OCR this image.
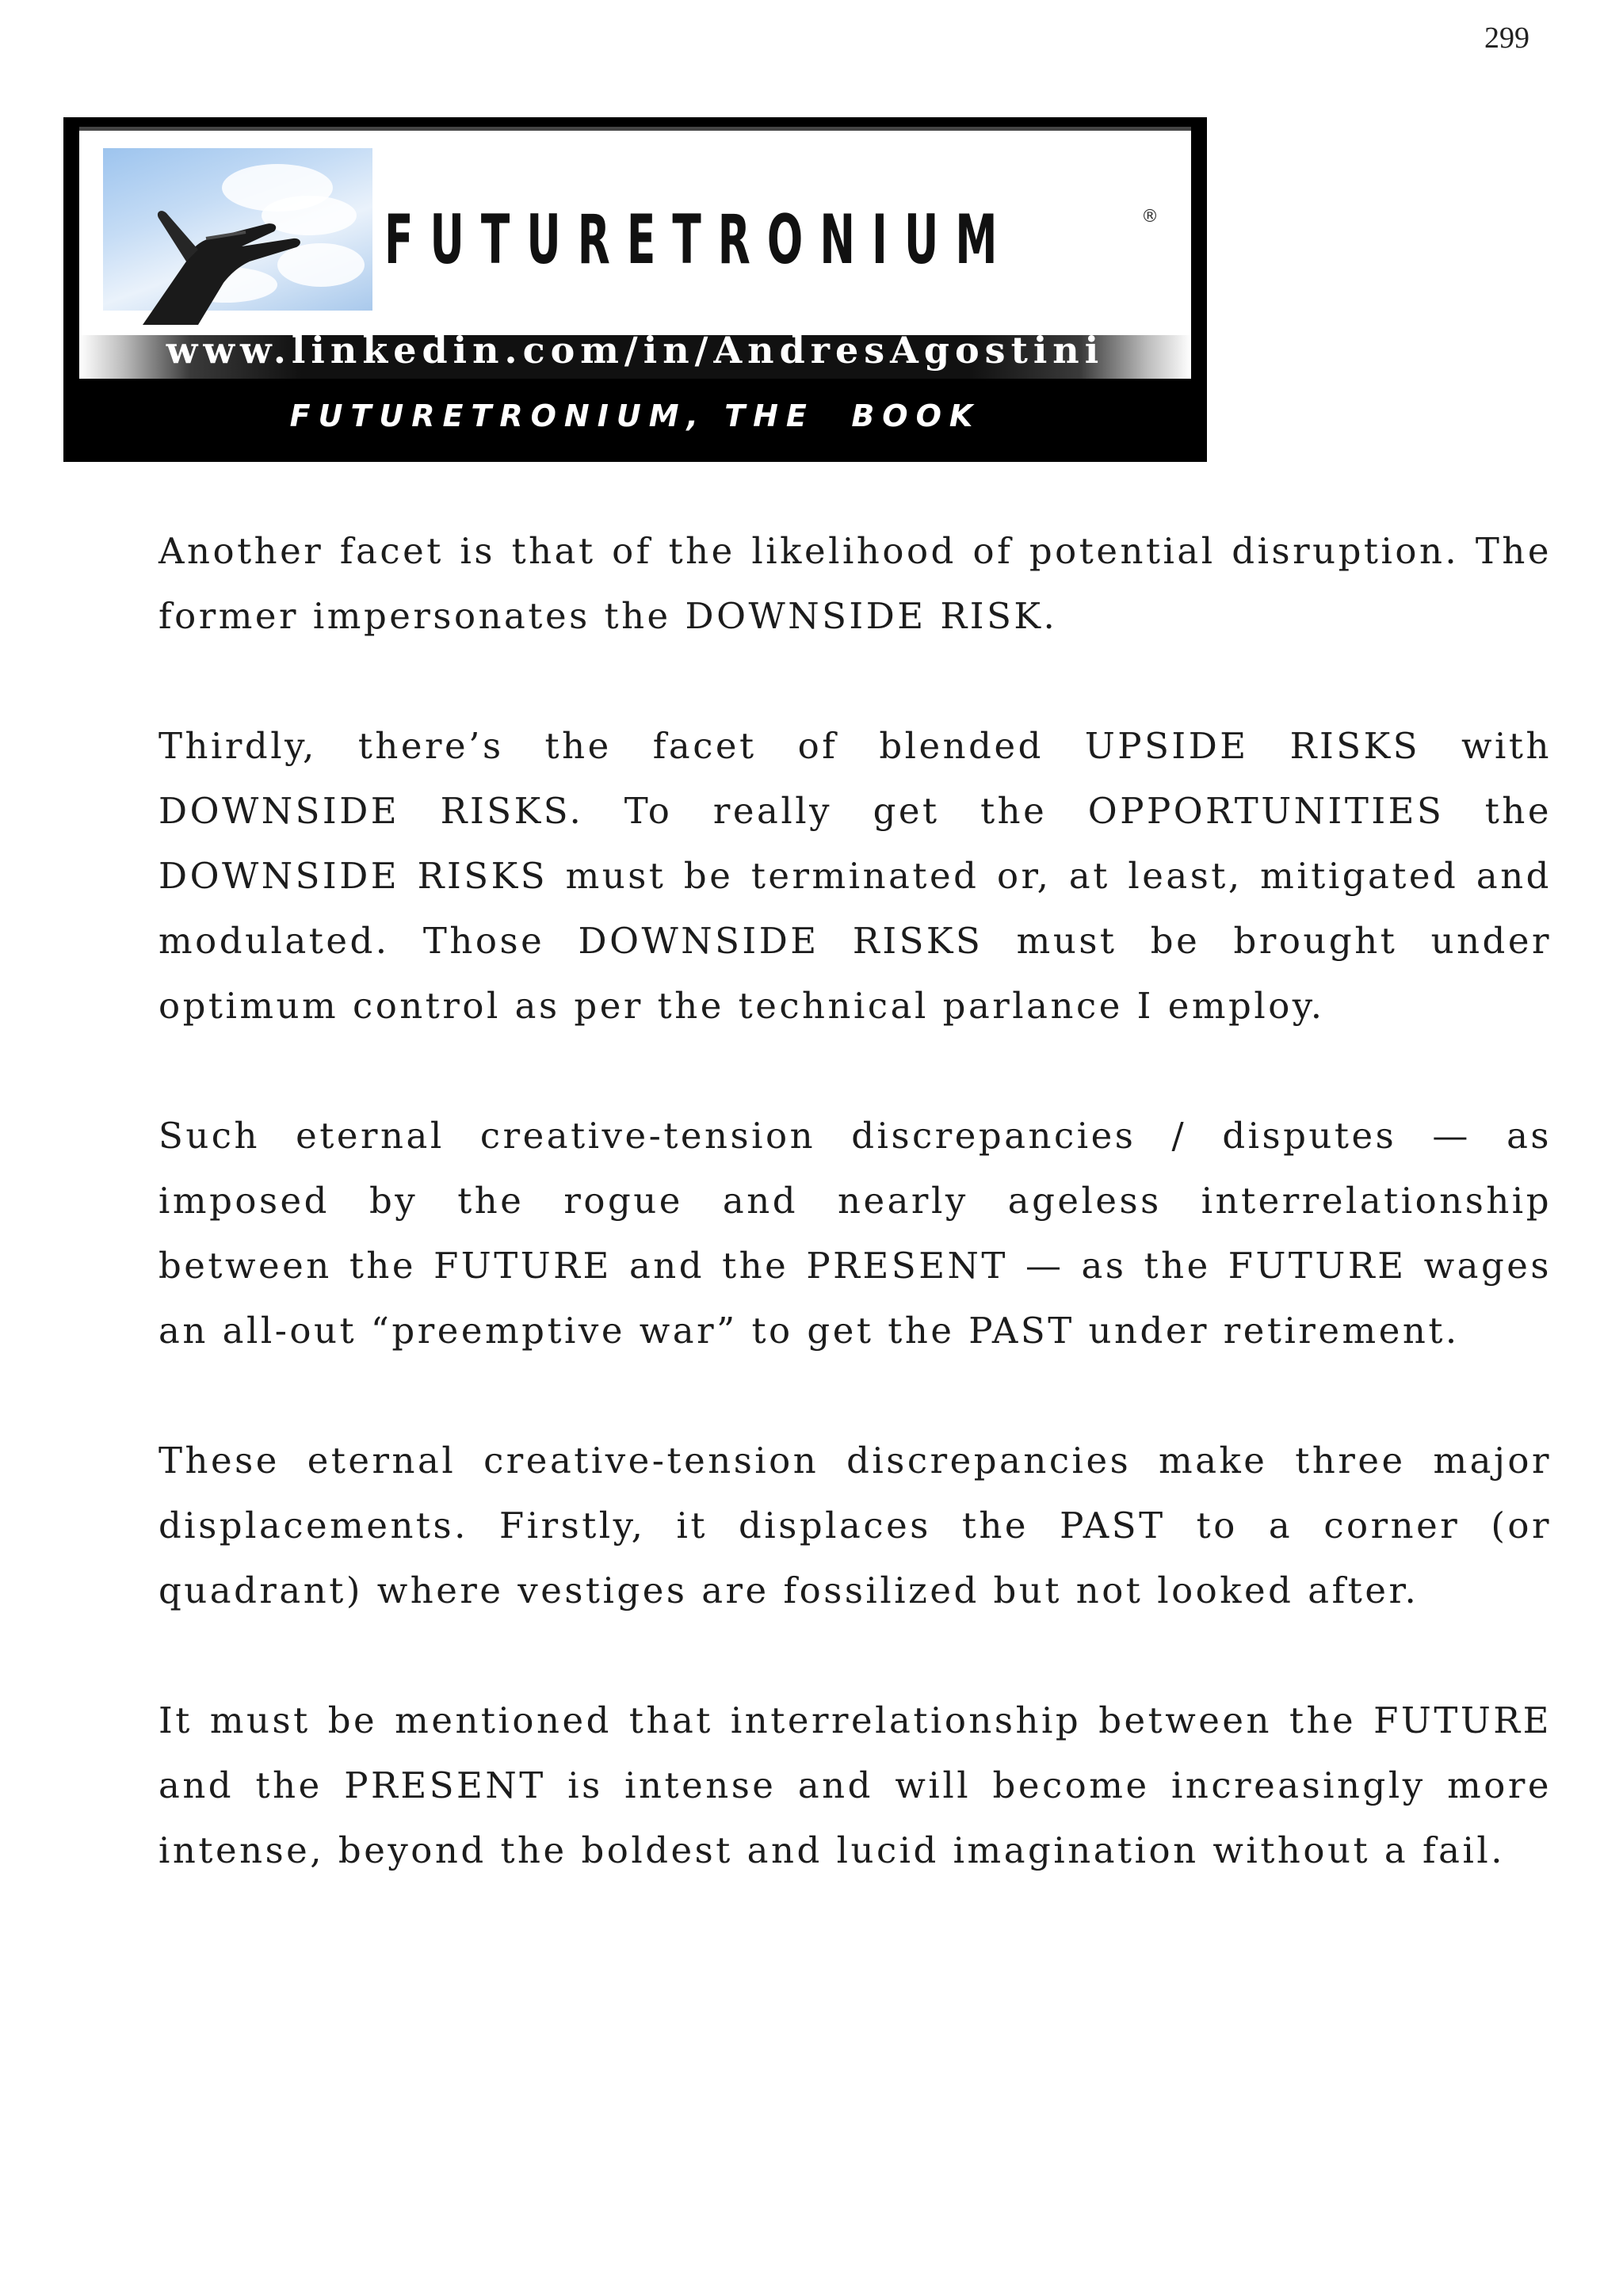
299
FUTURETRONIUM	®
www.linkedin.com/in/AndresAgostini
FUTURETRONIUM, THE  BOOK

Another facet is that of the likelihood of potential disruption. The former impersonates the DOWNSIDE RISK.

Thirdly, there’s the facet of blended UPSIDE RISKS with DOWNSIDE RISKS. To really get the OPPORTUNITIES the DOWNSIDE RISKS must be terminated or, at least, mitigated and modulated. Those DOWNSIDE RISKS must be brought under optimum control as per the technical parlance I employ.

Such eternal creative-tension discrepancies / disputes — as imposed by the rogue and nearly ageless interrelationship between the FUTURE and the PRESENT — as the FUTURE wages an all-out “preemptive war” to get the PAST under retirement.

These eternal creative-tension discrepancies make three major displacements. Firstly, it displaces the PAST to a corner (or quadrant) where vestiges are fossilized but not looked after.

It must be mentioned that interrelationship between the FUTURE and the PRESENT is intense and will become increasingly more intense, beyond the boldest and lucid imagination without a fail.
